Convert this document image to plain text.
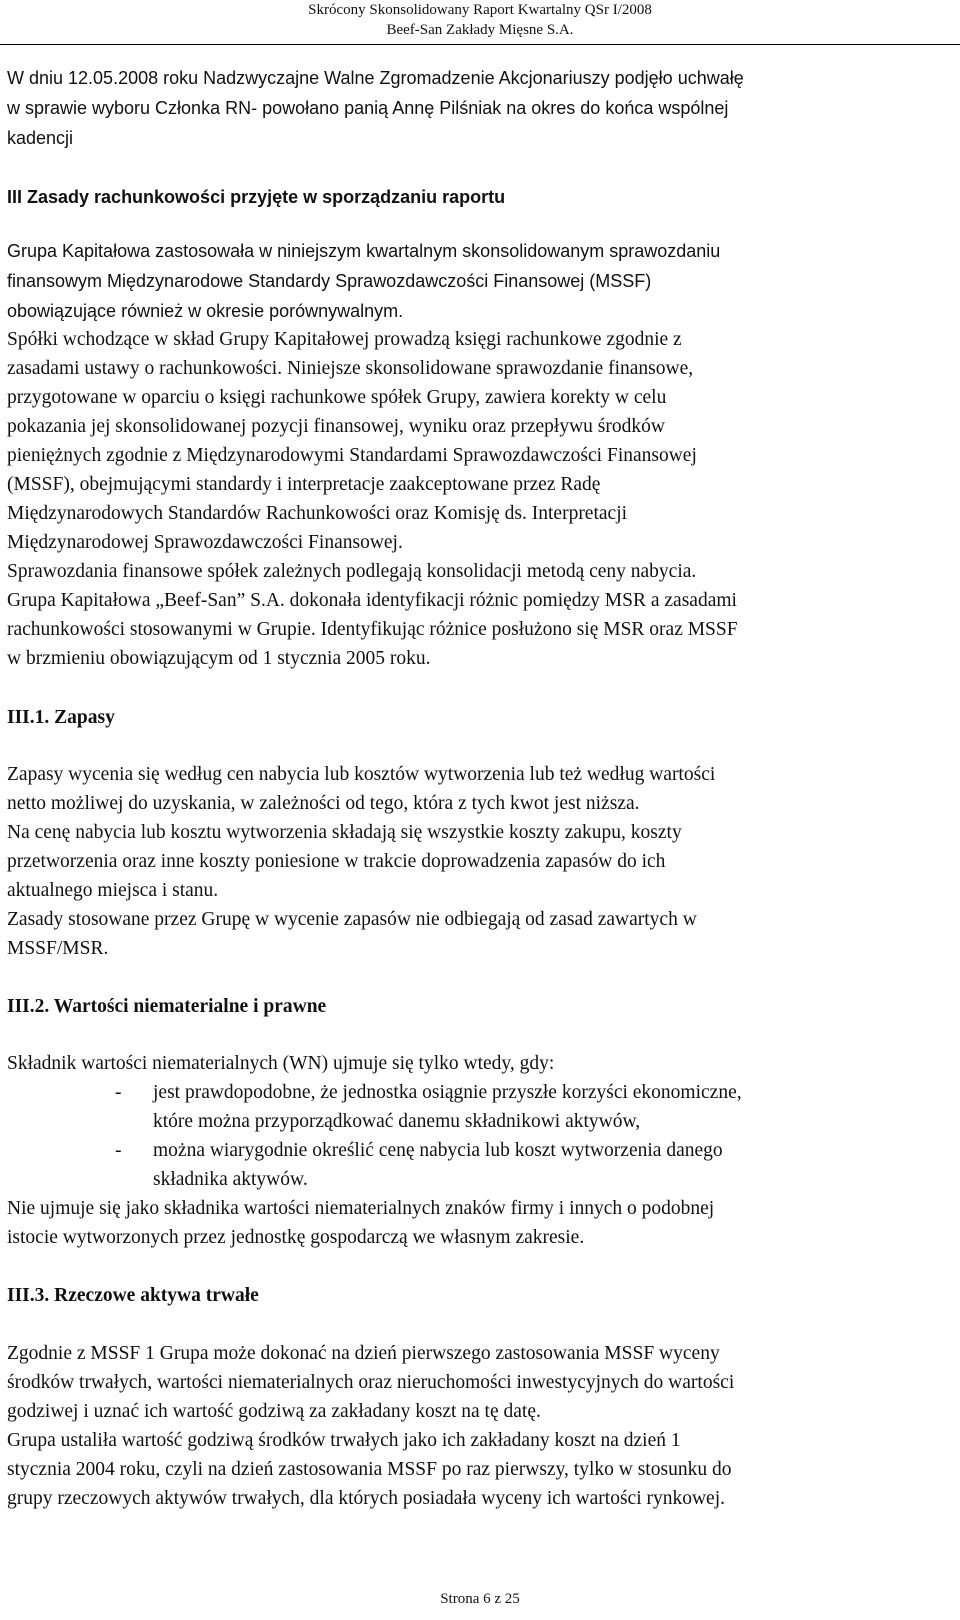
Skrócony Skonsolidowany Raport Kwartalny QSr I/2008
Beef-San Zakłady Mięsne S.A.
W dniu 12.05.2008 roku Nadzwyczajne Walne Zgromadzenie Akcjonariuszy podjęło uchwałę
w sprawie wyboru Członka RN- powołano panią Annę Pilśniak na okres do końca wspólnej
kadencji
III Zasady rachunkowości przyjęte w sporządzaniu raportu
Grupa Kapitałowa zastosowała w niniejszym kwartalnym skonsolidowanym sprawozdaniu
finansowym Międzynarodowe Standardy Sprawozdawczości Finansowej (MSSF)
obowiązujące również w okresie porównywalnym.
Spółki wchodzące w skład Grupy Kapitałowej prowadzą księgi rachunkowe zgodnie z
zasadami ustawy o rachunkowości. Niniejsze skonsolidowane sprawozdanie finansowe,
przygotowane w oparciu o księgi rachunkowe spółek Grupy, zawiera korekty w celu
pokazania jej skonsolidowanej pozycji finansowej, wyniku oraz przepływu środków
pieniężnych zgodnie z Międzynarodowymi Standardami Sprawozdawczości Finansowej
(MSSF), obejmującymi standardy i interpretacje zaakceptowane przez Radę
Międzynarodowych Standardów Rachunkowości oraz Komisję ds. Interpretacji
Międzynarodowej Sprawozdawczości Finansowej.
Sprawozdania finansowe spółek zależnych podlegają konsolidacji metodą ceny nabycia.
Grupa Kapitałowa „Beef-San” S.A. dokonała identyfikacji różnic pomiędzy MSR a zasadami
rachunkowości stosowanymi w Grupie. Identyfikując różnice posłużono się MSR oraz MSSF
w brzmieniu obowiązującym od 1 stycznia 2005 roku.
III.1. Zapasy
Zapasy wycenia się według cen nabycia lub kosztów wytworzenia lub też według wartości
netto możliwej do uzyskania, w zależności od tego, która z tych kwot jest niższa.
Na cenę nabycia lub kosztu wytworzenia składają się wszystkie koszty zakupu, koszty
przetworzenia oraz inne koszty poniesione w trakcie doprowadzenia zapasów do ich
aktualnego miejsca i stanu.
Zasady stosowane przez Grupę w wycenie zapasów nie odbiegają od zasad zawartych w
MSSF/MSR.
III.2. Wartości niematerialne i prawne
Składnik wartości niematerialnych (WN) ujmuje się tylko wtedy, gdy:
- jest prawdopodobne, że jednostka osiągnie przyszłe korzyści ekonomiczne,
które można przyporządkować danemu składnikowi aktywów,
- można wiarygodnie określić cenę nabycia lub koszt wytworzenia danego
składnika aktywów.
Nie ujmuje się jako składnika wartości niematerialnych znaków firmy i innych o podobnej
istocie wytworzonych przez jednostkę gospodarczą we własnym zakresie.
III.3. Rzeczowe aktywa trwałe
Zgodnie z MSSF 1 Grupa może dokonać na dzień pierwszego zastosowania MSSF wyceny
środków trwałych, wartości niematerialnych oraz nieruchomości inwestycyjnych do wartości
godziwej i uznać ich wartość godziwą za zakładany koszt na tę datę.
Grupa ustaliła wartość godziwą środków trwałych jako ich zakładany koszt na dzień 1
stycznia 2004 roku, czyli na dzień zastosowania MSSF po raz pierwszy, tylko w stosunku do
grupy rzeczowych aktywów trwałych, dla których posiadała wyceny ich wartości rynkowej.
Strona 6 z 25
